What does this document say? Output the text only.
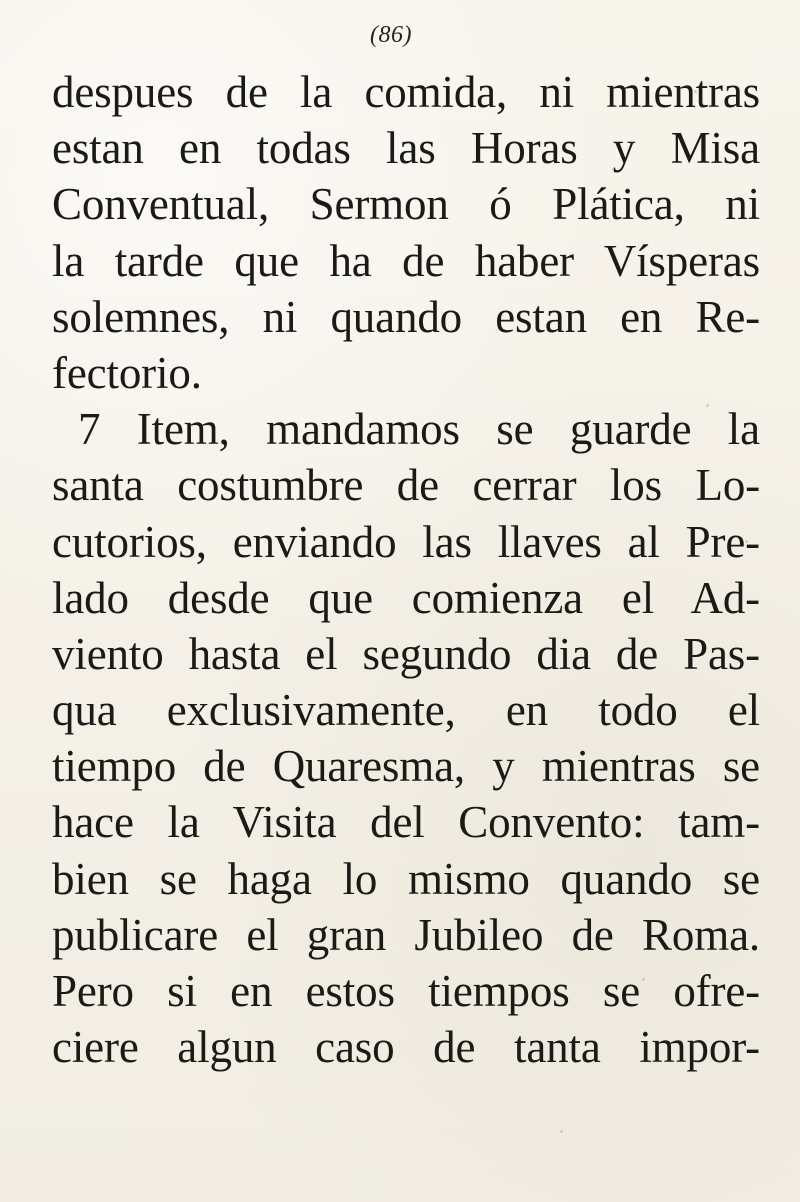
(86)
despues de la comida, ni mientras
estan en todas las Horas y Misa
Conventual, Sermon ó Plática, ni
la tarde que ha de haber Vísperas
solemnes, ni quando estan en Re-
fectorio.
7 Item, mandamos se guarde la
santa costumbre de cerrar los Lo-
cutorios, enviando las llaves al Pre-
lado desde que comienza el Ad-
viento hasta el segundo dia de Pas-
qua exclusivamente, en todo el
tiempo de Quaresma, y mientras se
hace la Visita del Convento: tam-
bien se haga lo mismo quando se
publicare el gran Jubileo de Roma.
Pero si en estos tiempos se ofre-
ciere algun caso de tanta impor-
